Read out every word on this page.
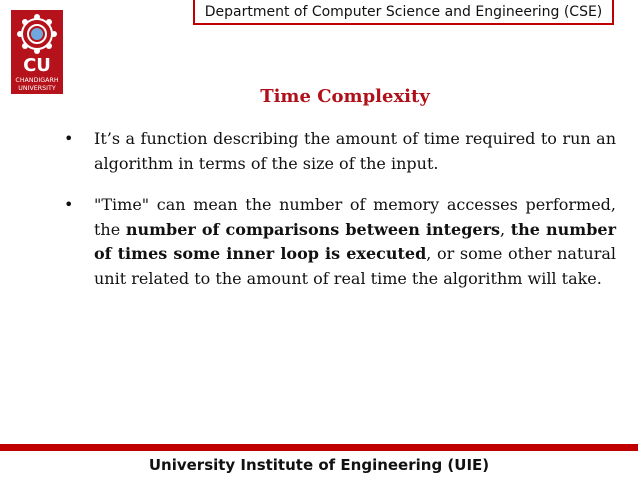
CU
CHANDIGARH
UNIVERSITY
Department of Computer Science and Engineering (CSE)
Time Complexity
•	It’s a function describing the amount of time required to run an algorithm in terms of the size of the input.
•	"Time" can mean the number of memory accesses performed, the number of comparisons between integers, the number of times some inner loop is executed, or some other natural unit related to the amount of real time the algorithm will take.
University Institute of Engineering (UIE)
